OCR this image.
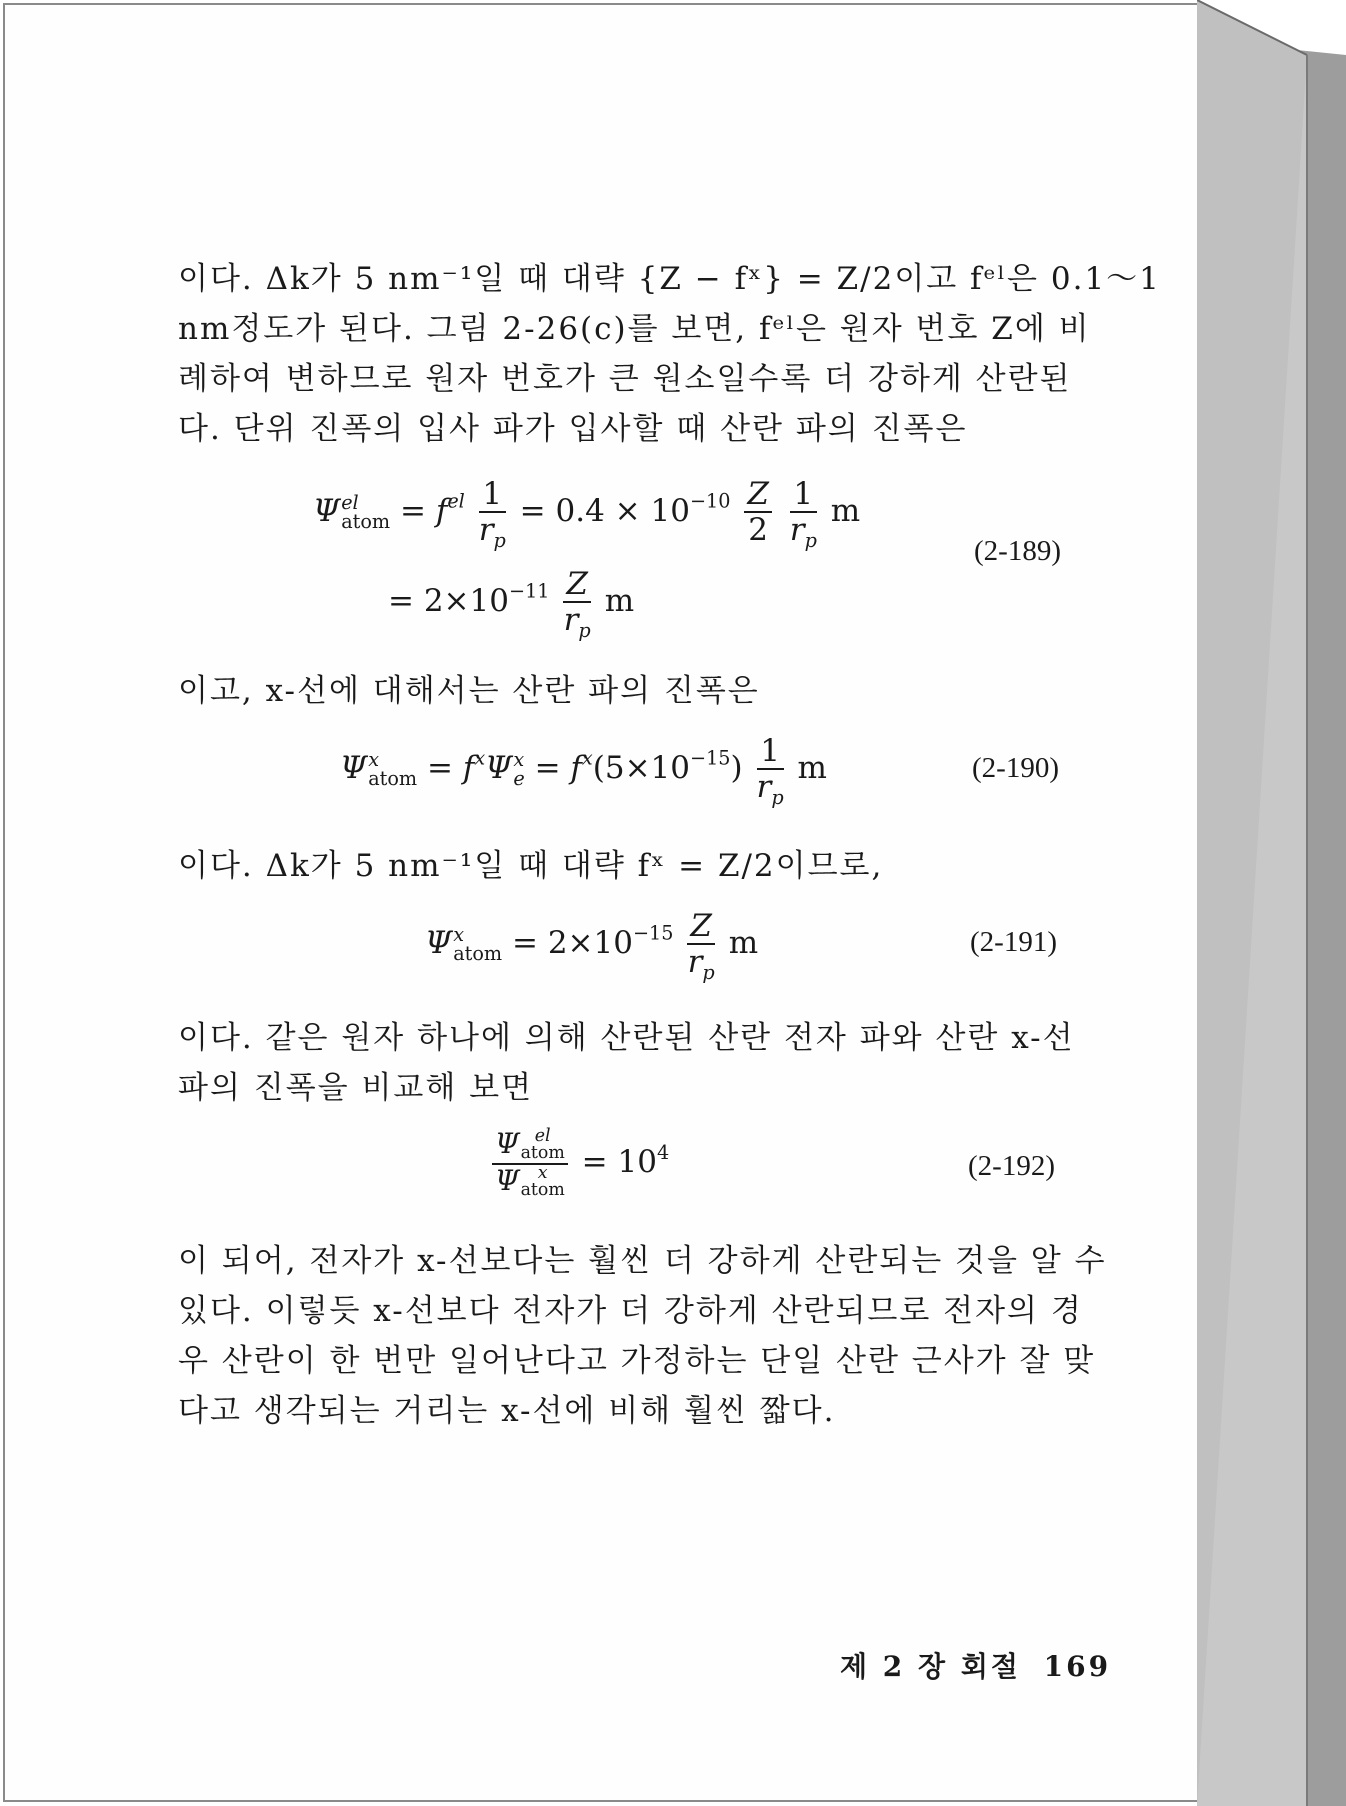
이다. Δk가 5 nm⁻¹일 때 대략 {Z − fˣ} = Z/2이고 fᵉˡ은 0.1～1
nm정도가 된다. 그림 2-26(c)를 보면, fᵉˡ은 원자 번호 Z에 비
례하여 변하므로 원자 번호가 큰 원소일수록 더 강하게 산란된
다. 단위 진폭의 입사 파가 입사할 때 산란 파의 진폭은
Ψ el
atom = $f^{el} \frac{1}{r_p} = 0.4 \times 10^{-10} \frac{Z}{2}$
$\frac{1}{r_p}$ m
= $2\times 10^{-11} \frac{Z}{r_p}$ m
(2-189)
이고, x-선에 대해서는 산란 파의 진폭은
Ψ x
atom = $f^x\Psi$ x
$e = f^x(5\times 10^{-15}) \frac{1}{r_p}$ m	(2-190)
이다. Δk가 5 nm⁻¹일 때 대략 fˣ = Z/2이므로,
Ψ x
atom = $2\times 10^{-15} \frac{Z}{r_p}$ m	(2-191)
이다. 같은 원자 하나에 의해 산란된 산란 전자 파와 산란 x-선
파의 진폭을 비교해 보면
Ψ el
atom
Ψ	x
atom = $10^4$	(2-192)
이 되어, 전자가 x-선보다는 훨씬 더 강하게 산란되는 것을 알 수
있다. 이렇듯 x-선보다 전자가 더 강하게 산란되므로 전자의 경
우 산란이 한 번만 일어난다고 가정하는 단일 산란 근사가 잘 맞
다고 생각되는 거리는 x-선에 비해 훨씬 짧다.
제 2 장 회절 169
